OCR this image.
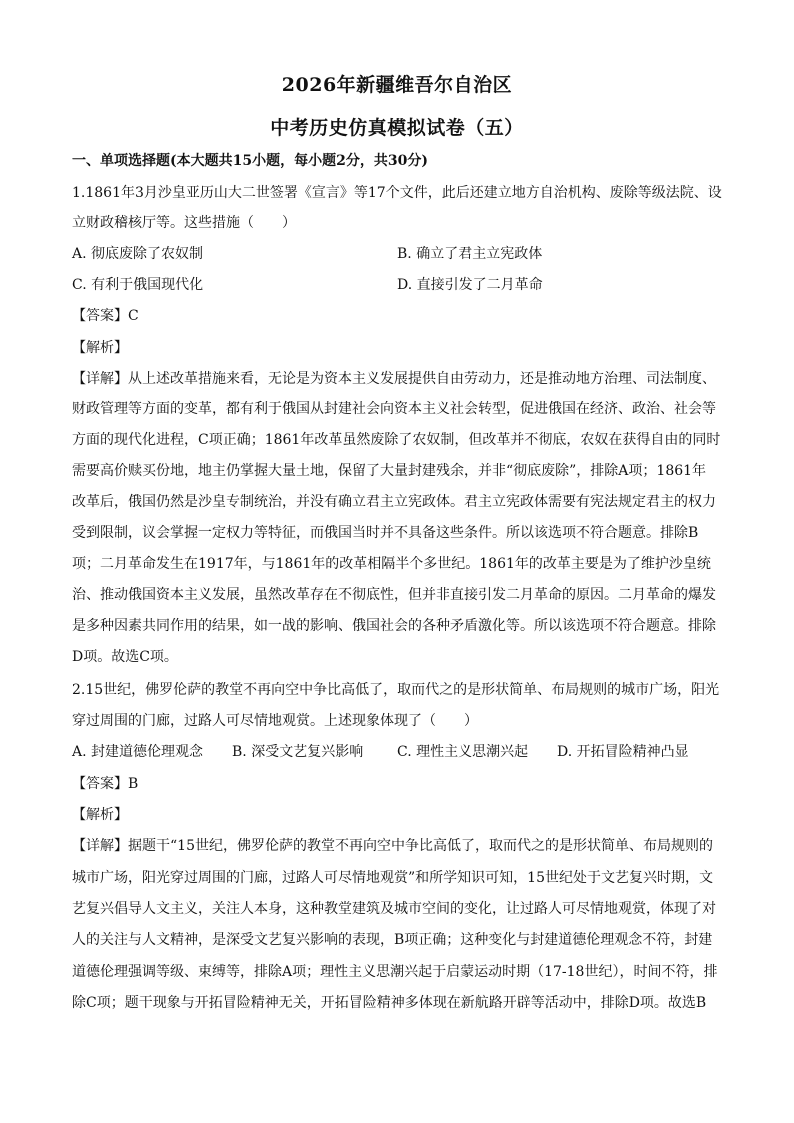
2026年新疆维吾尔自治区
中考历史仿真模拟试卷（五）
一、单项选择题(本大题共15小题，每小题2分，共30分)
1.1861年3月沙皇亚历山大二世签署《宣言》等17个文件，此后还建立地方自治机构、废除等级法院、设
立财政稽核厅等。这些措施（　　）
A. 彻底废除了农奴制	B. 确立了君主立宪政体
C. 有利于俄国现代化	D. 直接引发了二月革命
【答案】C
【解析】
【详解】从上述改革措施来看，无论是为资本主义发展提供自由劳动力，还是推动地方治理、司法制度、
财政管理等方面的变革，都有利于俄国从封建社会向资本主义社会转型，促进俄国在经济、政治、社会等
方面的现代化进程，C项正确；1861年改革虽然废除了农奴制，但改革并不彻底，农奴在获得自由的同时
需要高价赎买份地，地主仍掌握大量土地，保留了大量封建残余，并非“彻底废除”，排除A项；1861年
改革后，俄国仍然是沙皇专制统治，并没有确立君主立宪政体。君主立宪政体需要有宪法规定君主的权力
受到限制，议会掌握一定权力等特征，而俄国当时并不具备这些条件。所以该选项不符合题意。排除B
项；二月革命发生在1917年，与1861年的改革相隔半个多世纪。1861年的改革主要是为了维护沙皇统
治、推动俄国资本主义发展，虽然改革存在不彻底性，但并非直接引发二月革命的原因。二月革命的爆发
是多种因素共同作用的结果，如一战的影响、俄国社会的各种矛盾激化等。所以该选项不符合题意。排除
D项。故选C项。
2.15世纪，佛罗伦萨的教堂不再向空中争比高低了，取而代之的是形状简单、布局规则的城市广场，阳光
穿过周围的门廊，过路人可尽情地观赏。上述现象体现了（　　）
A. 封建道德伦理观念 B. 深受文艺复兴影响 C. 理性主义思潮兴起 D. 开拓冒险精神凸显
【答案】B
【解析】
【详解】据题干“15世纪，佛罗伦萨的教堂不再向空中争比高低了，取而代之的是形状简单、布局规则的
城市广场，阳光穿过周围的门廊，过路人可尽情地观赏”和所学知识可知，15世纪处于文艺复兴时期，文
艺复兴倡导人文主义，关注人本身，这种教堂建筑及城市空间的变化，让过路人可尽情地观赏，体现了对
人的关注与人文精神，是深受文艺复兴影响的表现，B项正确；这种变化与封建道德伦理观念不符，封建
道德伦理强调等级、束缚等，排除A项；理性主义思潮兴起于启蒙运动时期（17-18世纪），时间不符，排
除C项；题干现象与开拓冒险精神无关，开拓冒险精神多体现在新航路开辟等活动中，排除D项。故选B
